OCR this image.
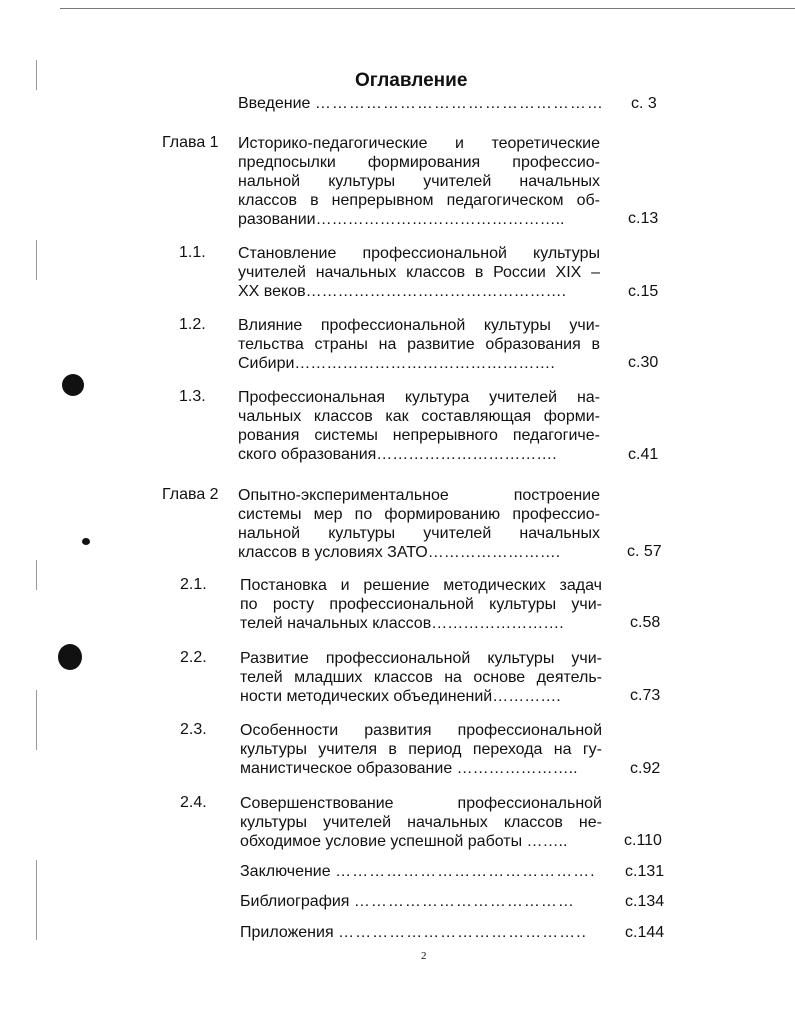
Оглавление
Введение …………………………………………… с. 3
Глава 1 Историко-педагогические и теоретические
предпосылки формирования профессио-
нальной культуры учителей начальных
классов в непрерывном педагогическом об-
разовании………………………………………..	с.13
1.1. Становление профессиональной культуры
учителей начальных классов в России XIX –
XX веков………………………………………….	с.15
1.2. Влияние профессиональной культуры учи-
тельства страны на развитие образования в
Сибири………………………………………….	с.30
1.3. Профессиональная культура учителей на-
чальных классов как составляющая форми-
рования системы непрерывного педагогиче-
ского образования…………………………….	с.41
Глава 2 Опытно-экспериментальное построение
системы мер по формированию профессио-
нальной культуры учителей начальных
классов в условиях ЗАТО…………………….	с. 57
2.1. Постановка и решение методических задач
по росту профессиональной культуры учи-
телей начальных классов…………………….	с.58
2.2. Развитие профессиональной культуры учи-
телей младших классов на основе деятель-
ности методических объединений………….	с.73
2.3. Особенности развития профессиональной
культуры учителя в период перехода на гу-
манистическое образование …………………..	с.92
2.4. Совершенствование профессиональной
культуры учителей начальных классов не-
обходимое условие успешной работы ……..	с.110
Заключение ………………………………………. с.131
Библиография …………………………………	с.134
Приложения …………………………………….. с.144
2
